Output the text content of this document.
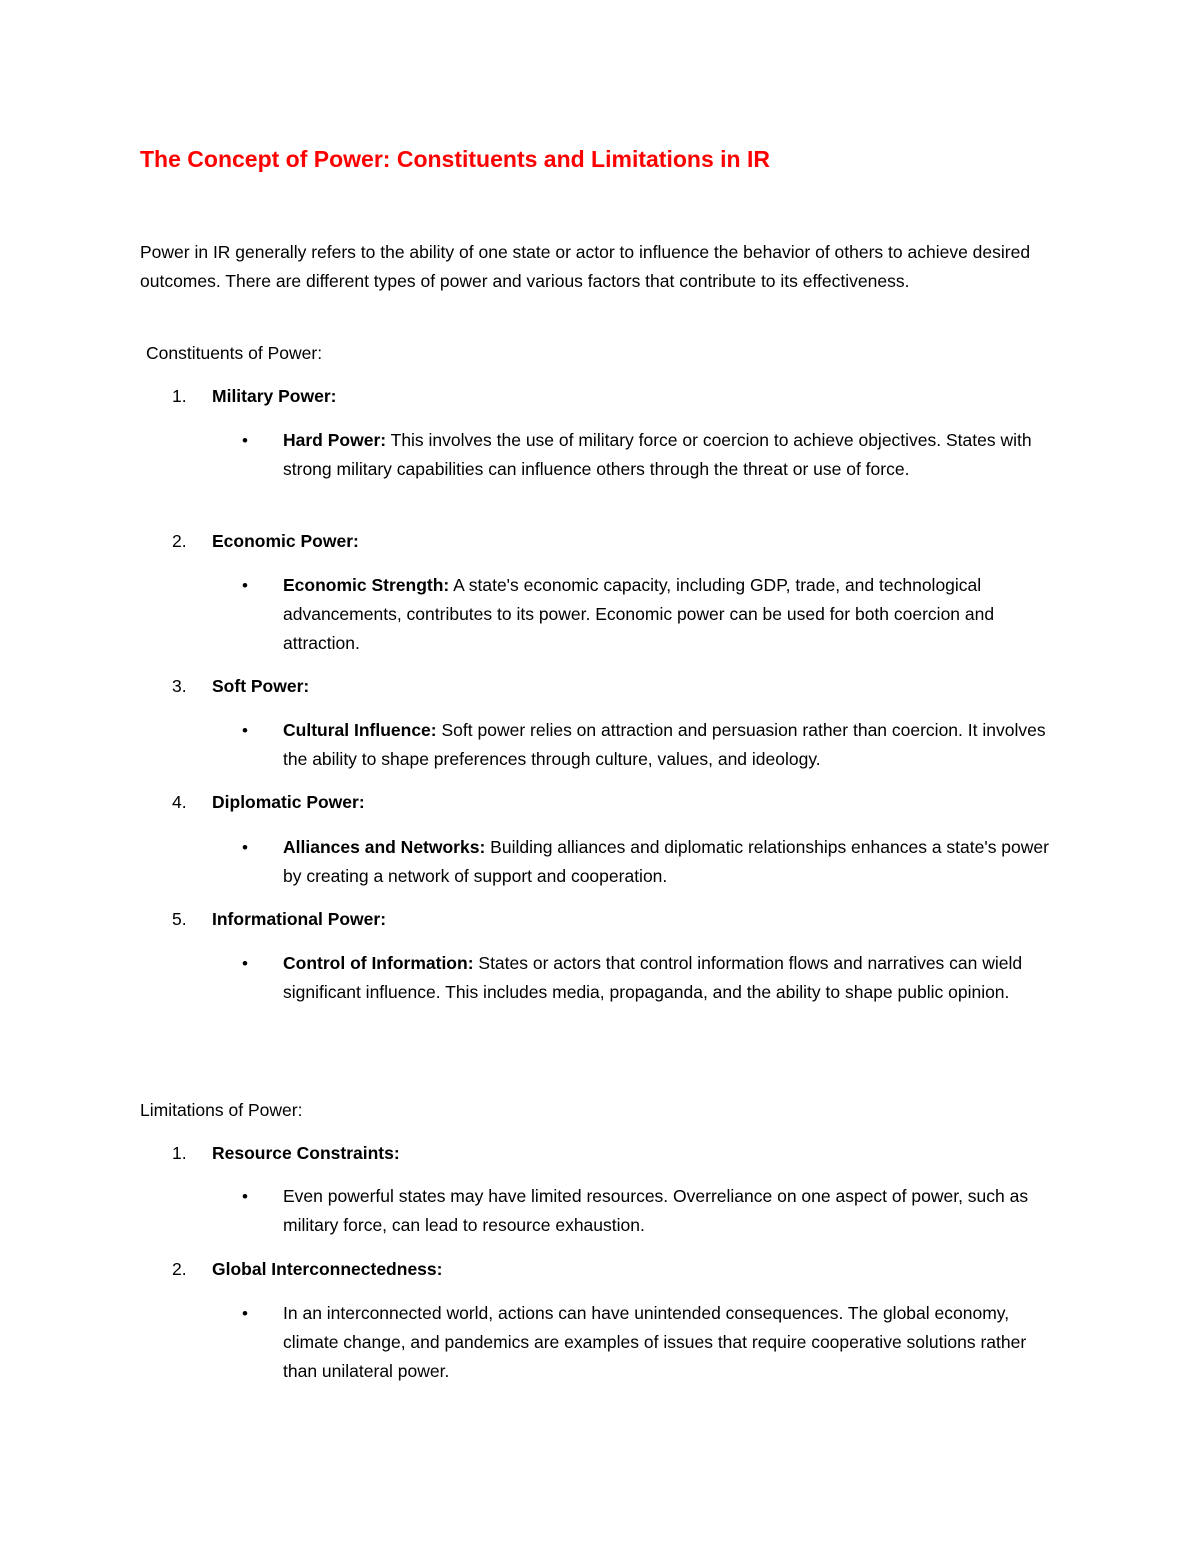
The Concept of Power: Constituents and Limitations in IR

Power in IR generally refers to the ability of one state or actor to influence the behavior of others to achieve desired outcomes. There are different types of power and various factors that contribute to its effectiveness.

Constituents of Power:

1. Military Power:

• Hard Power: This involves the use of military force or coercion to achieve objectives. States with strong military capabilities can influence others through the threat or use of force.

2. Economic Power:

• Economic Strength: A state's economic capacity, including GDP, trade, and technological advancements, contributes to its power. Economic power can be used for both coercion and attraction.

3. Soft Power:

• Cultural Influence: Soft power relies on attraction and persuasion rather than coercion. It involves the ability to shape preferences through culture, values, and ideology.

4. Diplomatic Power:

• Alliances and Networks: Building alliances and diplomatic relationships enhances a state's power by creating a network of support and cooperation.

5. Informational Power:

• Control of Information: States or actors that control information flows and narratives can wield significant influence. This includes media, propaganda, and the ability to shape public opinion.

Limitations of Power:

1. Resource Constraints:

• Even powerful states may have limited resources. Overreliance on one aspect of power, such as military force, can lead to resource exhaustion.

2. Global Interconnectedness:

• In an interconnected world, actions can have unintended consequences. The global economy, climate change, and pandemics are examples of issues that require cooperative solutions rather than unilateral power.
